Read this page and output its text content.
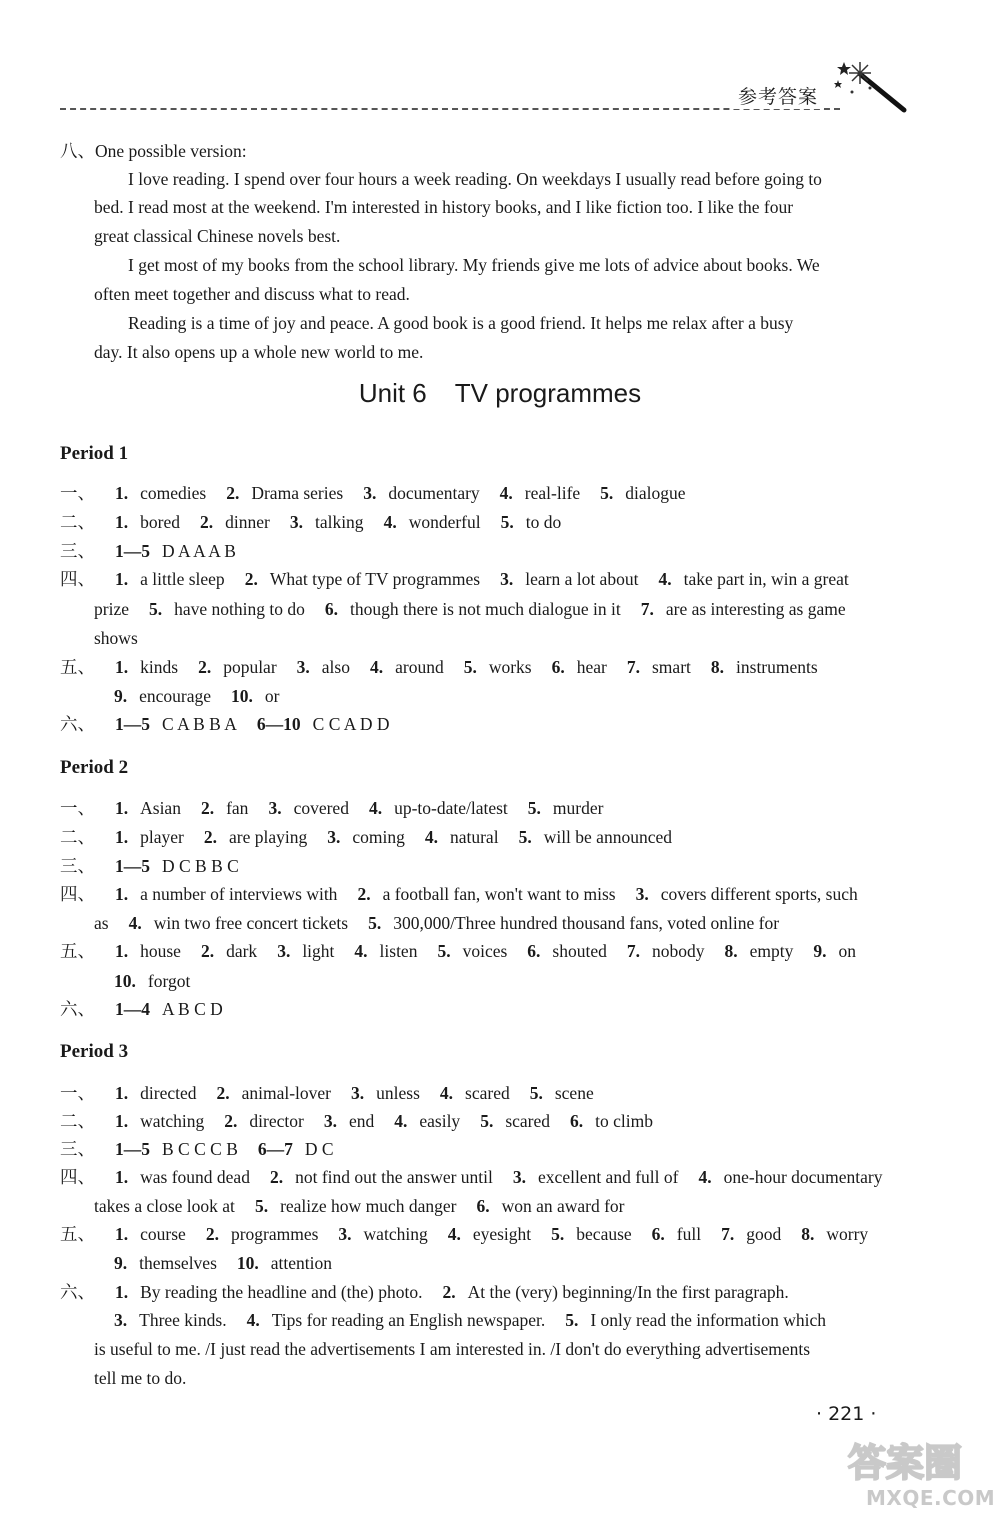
参考答案
八、One possible version:
I love reading. I spend over four hours a week reading. On weekdays I usually read before going to
bed. I read most at the weekend. I'm interested in history books, and I like fiction too. I like the four
great classical Chinese novels best.
I get most of my books from the school library. My friends give me lots of advice about books. We
often meet together and discuss what to read.
Reading is a time of joy and peace. A good book is a good friend. It helps me relax after a busy
day. It also opens up a whole new world to me.
Unit 6 TV programmes
Period 1
一、 1. comedies 2. Drama series 3. documentary 4. real-life 5. dialogue
二、 1. bored 2. dinner 3. talking 4. wonderful 5. to do
三、 1—5 D A A A B
四、 1. a little sleep 2. What type of TV programmes 3. learn a lot about 4. take part in, win a great
prize 5. have nothing to do 6. though there is not much dialogue in it 7. are as interesting as game
shows
五、 1. kinds 2. popular 3. also 4. around 5. works 6. hear 7. smart 8. instruments
9. encourage 10. or
六、 1—5 C A B B A 6—10 C C A D D
Period 2
一、 1. Asian 2. fan 3. covered 4. up-to-date/latest 5. murder
二、 1. player 2. are playing 3. coming 4. natural 5. will be announced
三、 1—5 D C B B C
四、 1. a number of interviews with 2. a football fan, won't want to miss 3. covers different sports, such
as 4. win two free concert tickets 5. 300,000/Three hundred thousand fans, voted online for
五、 1. house 2. dark 3. light 4. listen 5. voices 6. shouted 7. nobody 8. empty 9. on
10. forgot
六、 1—4 A B C D
Period 3
一、 1. directed 2. animal-lover 3. unless 4. scared 5. scene
二、 1. watching 2. director 3. end 4. easily 5. scared 6. to climb
三、 1—5 B C C C B 6—7 D C
四、 1. was found dead 2. not find out the answer until 3. excellent and full of 4. one-hour documentary
takes a close look at 5. realize how much danger 6. won an award for
五、 1. course 2. programmes 3. watching 4. eyesight 5. because 6. full 7. good 8. worry
9. themselves 10. attention
六、 1. By reading the headline and (the) photo. 2. At the (very) beginning/In the first paragraph.
3. Three kinds. 4. Tips for reading an English newspaper. 5. I only read the information which
is useful to me. /I just read the advertisements I am interested in. /I don't do everything advertisements
tell me to do.
· 221 ·
答案圈
MXQE.COM
